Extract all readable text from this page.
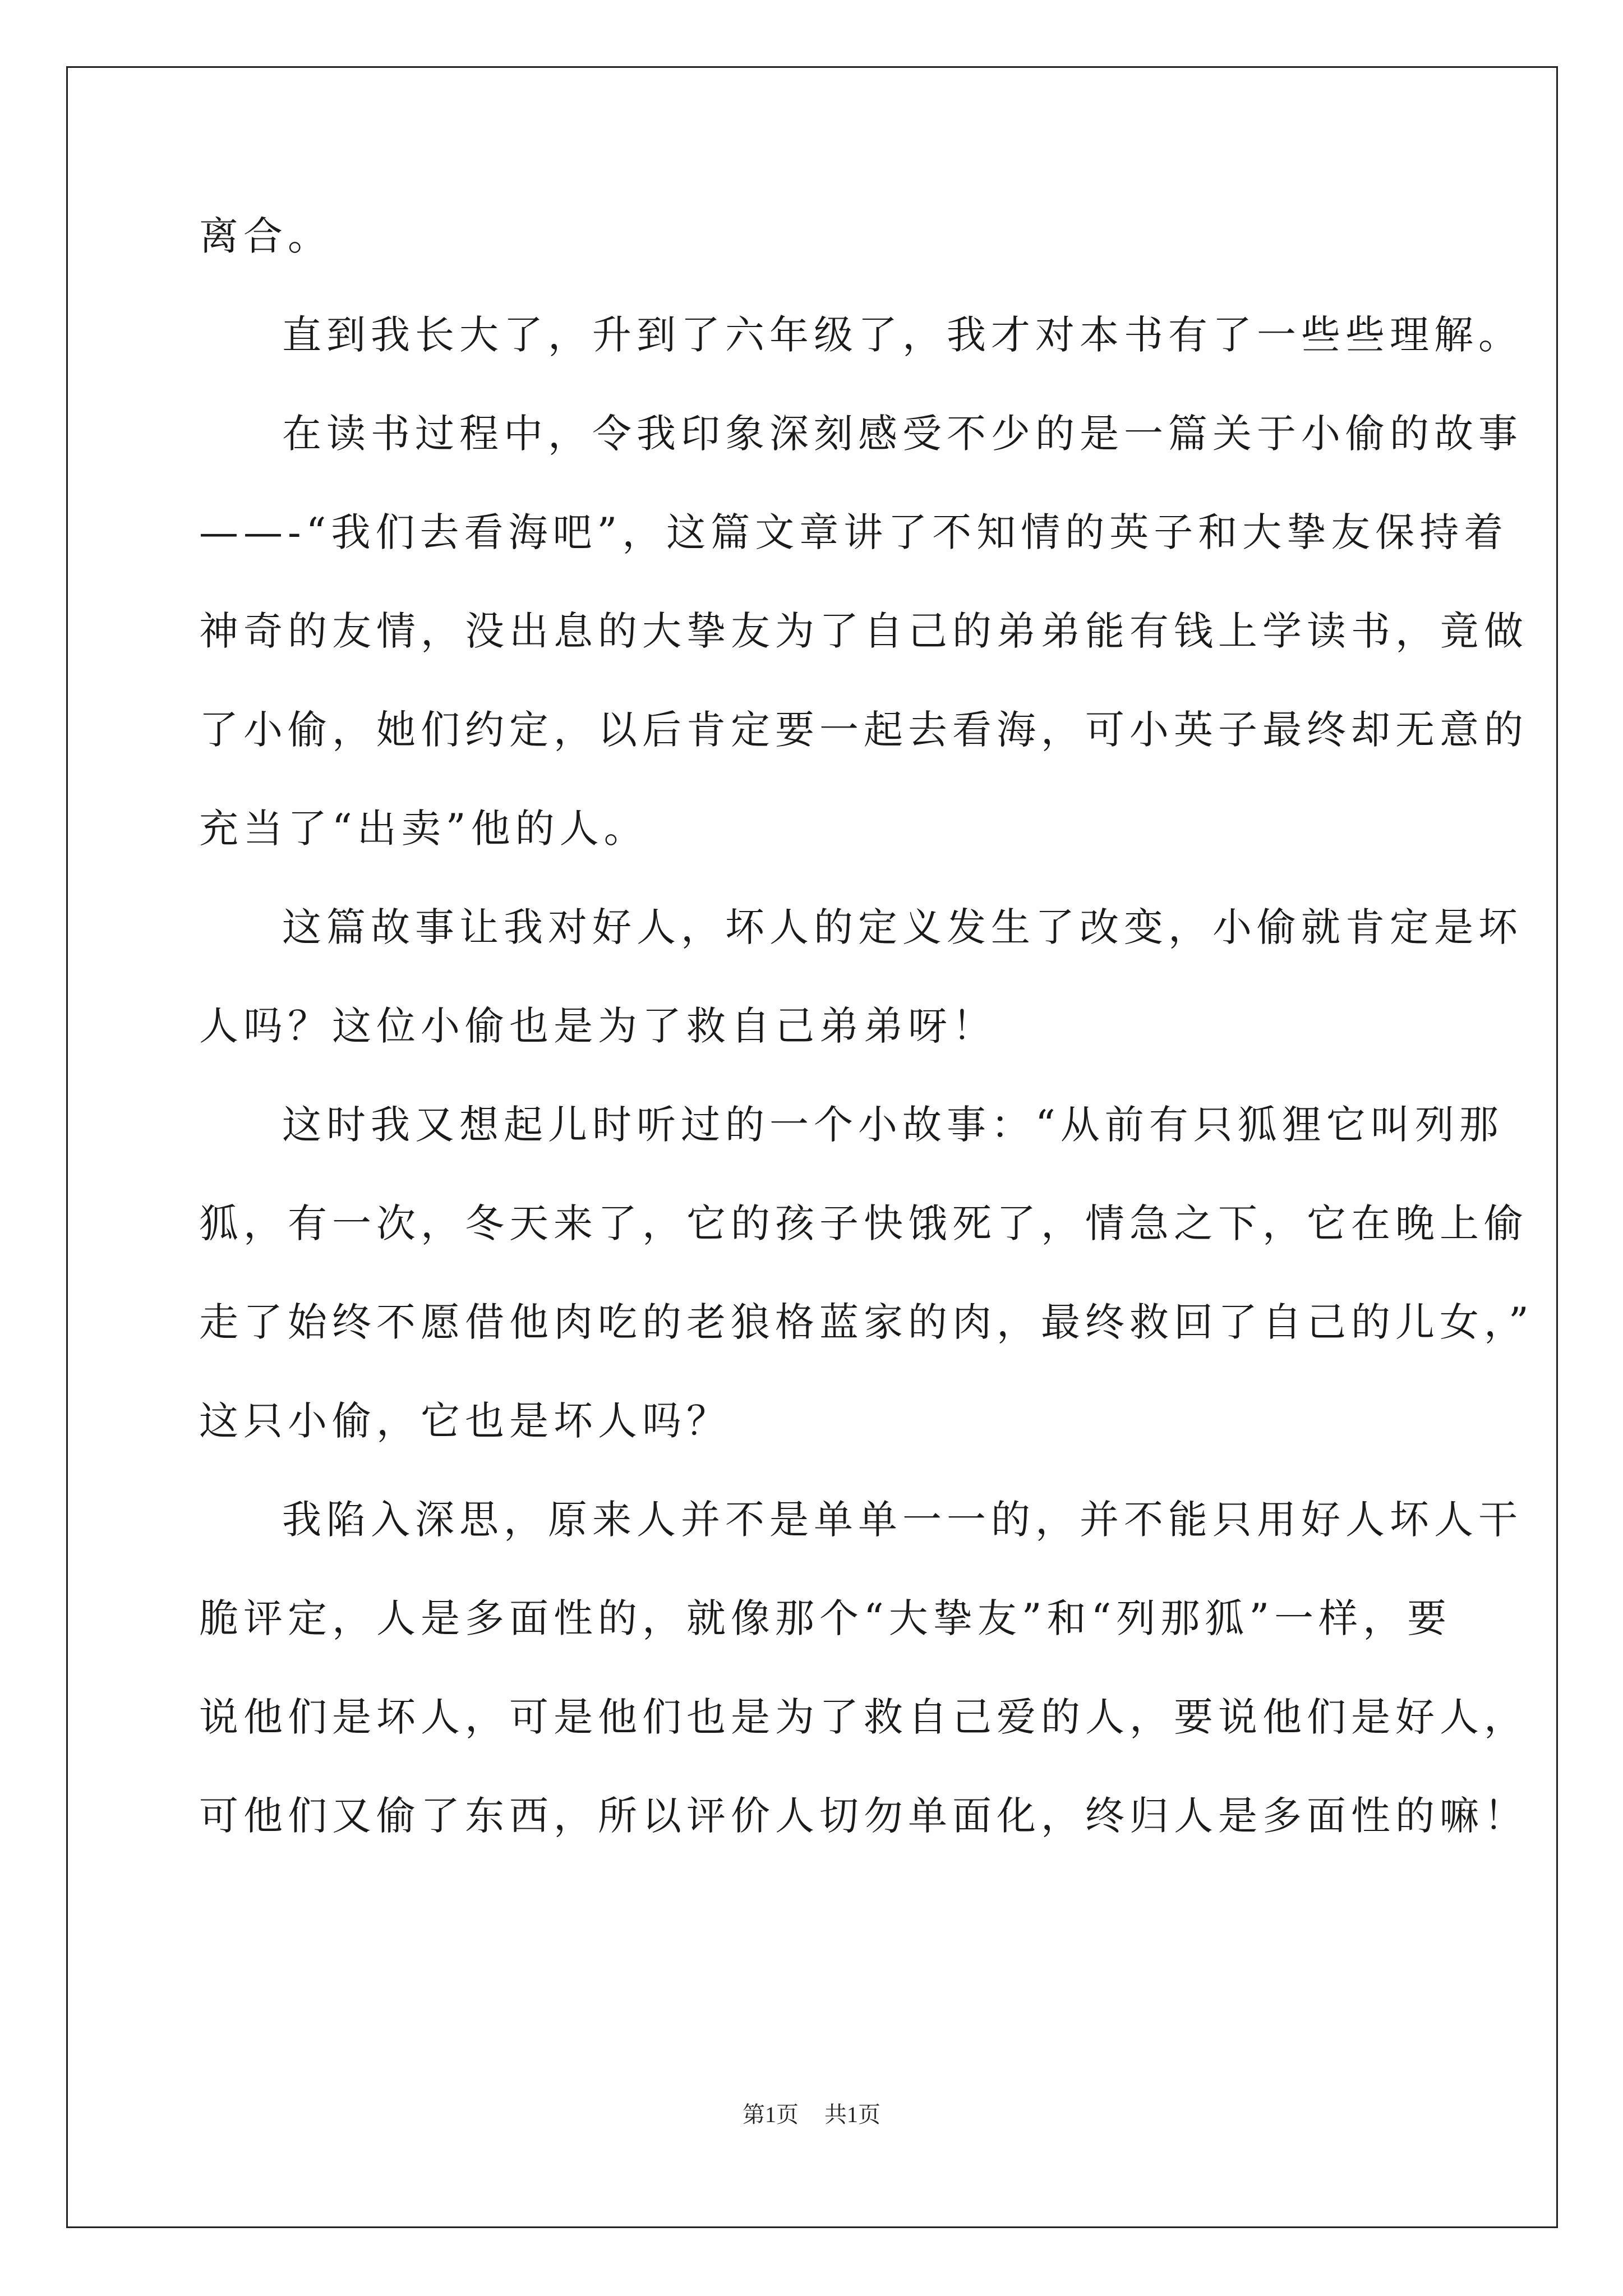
离合。
直到我长大了，升到了六年级了，我才对本书有了一些些理解。
在读书过程中，令我印象深刻感受不少的是一篇关于小偷的故事
——-“我们去看海吧”，这篇文章讲了不知情的英子和大挚友保持着
神奇的友情，没出息的大挚友为了自己的弟弟能有钱上学读书，竟做
了小偷，她们约定，以后肯定要一起去看海，可小英子最终却无意的
充当了“出卖”他的人。
这篇故事让我对好人，坏人的定义发生了改变，小偷就肯定是坏
人吗？这位小偷也是为了救自己弟弟呀！
这时我又想起儿时听过的一个小故事：“从前有只狐狸它叫列那
狐，有一次，冬天来了，它的孩子快饿死了，情急之下，它在晚上偷
走了始终不愿借他肉吃的老狼格蓝家的肉，最终救回了自己的儿女，”
这只小偷，它也是坏人吗？
我陷入深思，原来人并不是单单一一的，并不能只用好人坏人干
脆评定，人是多面性的，就像那个“大挚友”和“列那狐”一样，要
说他们是坏人，可是他们也是为了救自己爱的人，要说他们是好人，
可他们又偷了东西，所以评价人切勿单面化，终归人是多面性的嘛！
第1页 共1页
